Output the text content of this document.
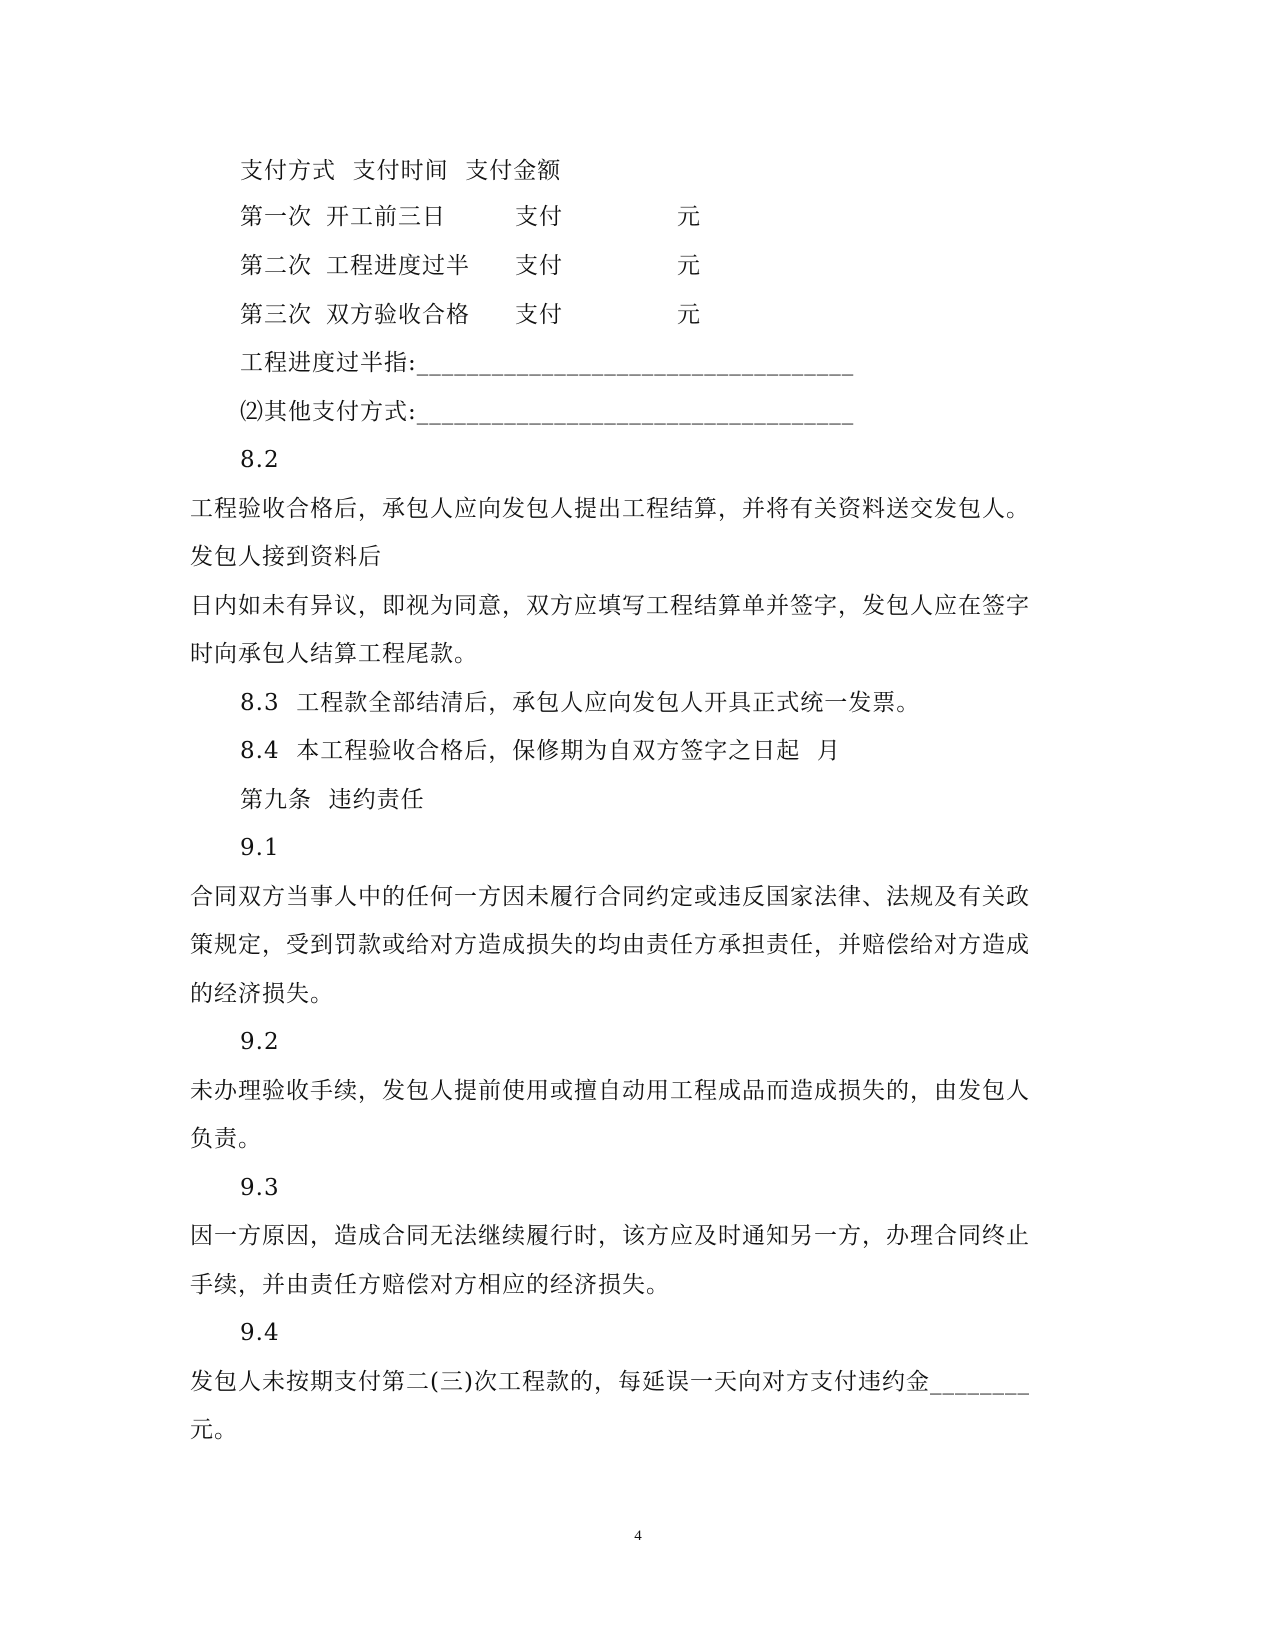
支付方式  支付时间  支付金额
第一次 开工前三日	支付	元
第二次 工程进度过半 支付	元
第三次 双方验收合格 支付	元
工程进度过半指:___________________________________
⑵其他支付方式:___________________________________
8.2
工程验收合格后，承包人应向发包人提出工程结算，并将有关资料送交发包人。
发包人接到资料后
日内如未有异议，即视为同意，双方应填写工程结算单并签字，发包人应在签字
时向承包人结算工程尾款。
8.3  工程款全部结清后，承包人应向发包人开具正式统一发票。
8.4  本工程验收合格后，保修期为自双方签字之日起  月
第九条  违约责任
9.1
合同双方当事人中的任何一方因未履行合同约定或违反国家法律、法规及有关政
策规定，受到罚款或给对方造成损失的均由责任方承担责任，并赔偿给对方造成
的经济损失。
9.2
未办理验收手续，发包人提前使用或擅自动用工程成品而造成损失的，由发包人
负责。
9.3
因一方原因，造成合同无法继续履行时，该方应及时通知另一方，办理合同终止
手续，并由责任方赔偿对方相应的经济损失。
9.4
发包人未按期支付第二(三)次工程款的，每延误一天向对方支付违约金________
元。
4
